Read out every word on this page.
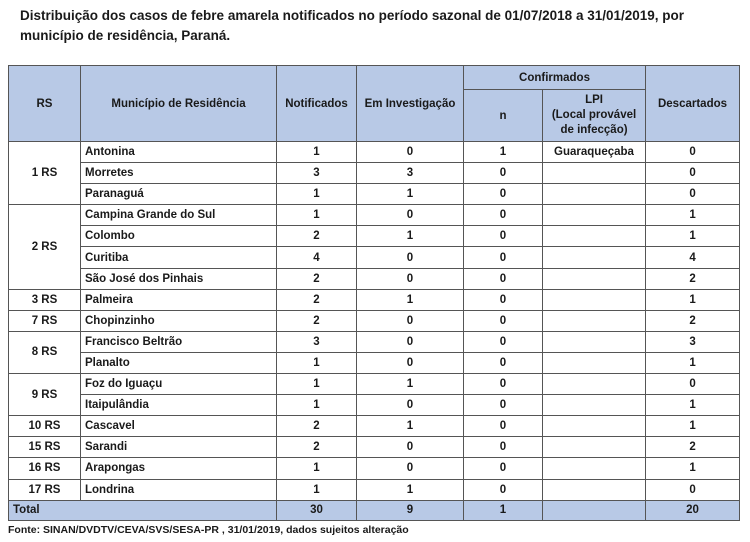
Distribuição dos casos de febre amarela notificados no período sazonal de 01/07/2018 a 31/01/2019, por
município de residência, Paraná.
RS	Município de Residência	Notificados	Em Investigação	Confirmados		Descartados
				n	LPI
(Local provável
de infecção)	
1 RS	Antonina	1	0	1	Guaraqueçaba	0
	Morretes	3	3	0		0
	Paranaguá	1	1	0		0
2 RS	Campina Grande do Sul	1	0	0		1
	Colombo	2	1	0		1
	Curitiba	4	0	0		4
	São José dos Pinhais	2	0	0		2
3 RS	Palmeira	2	1	0		1
7 RS	Chopinzinho	2	0	0		2
8 RS	Francisco Beltrão	3	0	0		3
	Planalto	1	0	0		1
9 RS	Foz do Iguaçu	1	1	0		0
	Itaipulândia	1	0	0		1
10 RS	Cascavel	2	1	0		1
15 RS	Sarandi	2	0	0		2
16 RS	Arapongas	1	0	0		1
17 RS	Londrina	1	1	0		0
Total		30	9	1		20
Fonte: SINAN/DVDTV/CEVA/SVS/SESA-PR , 31/01/2019, dados sujeitos alteração
